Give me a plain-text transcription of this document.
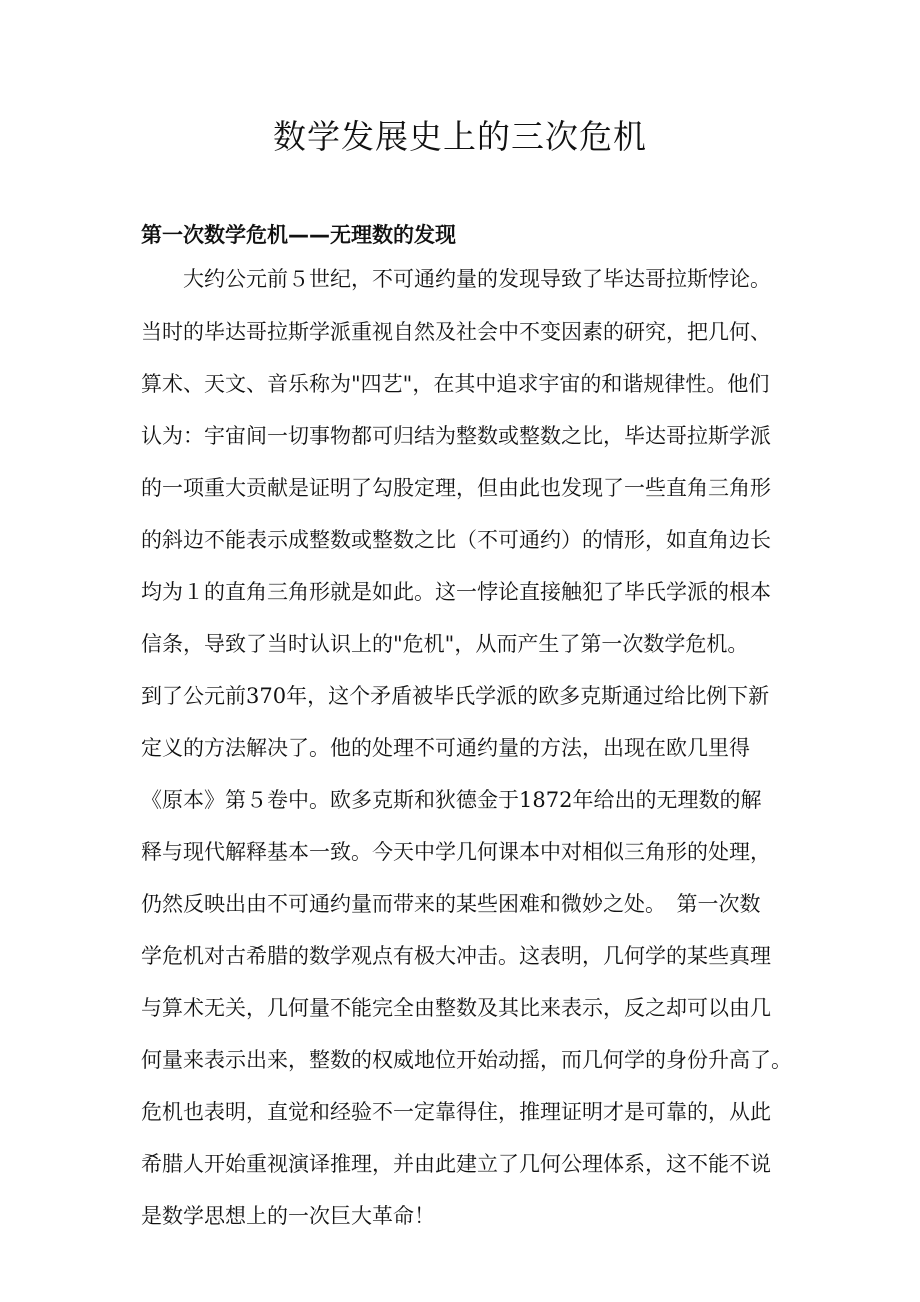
数学发展史上的三次危机
第一次数学危机——无理数的发现

大约公元前５世纪，不可通约量的发现导致了毕达哥拉斯悖论。

当时的毕达哥拉斯学派重视自然及社会中不变因素的研究，把几何、

算术、天文、音乐称为"四艺"，在其中追求宇宙的和谐规律性。他们

认为：宇宙间一切事物都可归结为整数或整数之比，毕达哥拉斯学派

的一项重大贡献是证明了勾股定理，但由此也发现了一些直角三角形

的斜边不能表示成整数或整数之比（不可通约）的情形，如直角边长

均为１的直角三角形就是如此。这一悖论直接触犯了毕氏学派的根本

信条，导致了当时认识上的"危机"，从而产生了第一次数学危机。

到了公元前370年，这个矛盾被毕氏学派的欧多克斯通过给比例下新

定义的方法解决了。他的处理不可通约量的方法，出现在欧几里得

《原本》第５卷中。欧多克斯和狄德金于1872年给出的无理数的解

释与现代解释基本一致。今天中学几何课本中对相似三角形的处理，

仍然反映出由不可通约量而带来的某些困难和微妙之处。　第一次数

学危机对古希腊的数学观点有极大冲击。这表明，几何学的某些真理

与算术无关，几何量不能完全由整数及其比来表示，反之却可以由几

何量来表示出来，整数的权威地位开始动摇，而几何学的身份升高了。

危机也表明，直觉和经验不一定靠得住，推理证明才是可靠的，从此

希腊人开始重视演译推理，并由此建立了几何公理体系，这不能不说

是数学思想上的一次巨大革命！
